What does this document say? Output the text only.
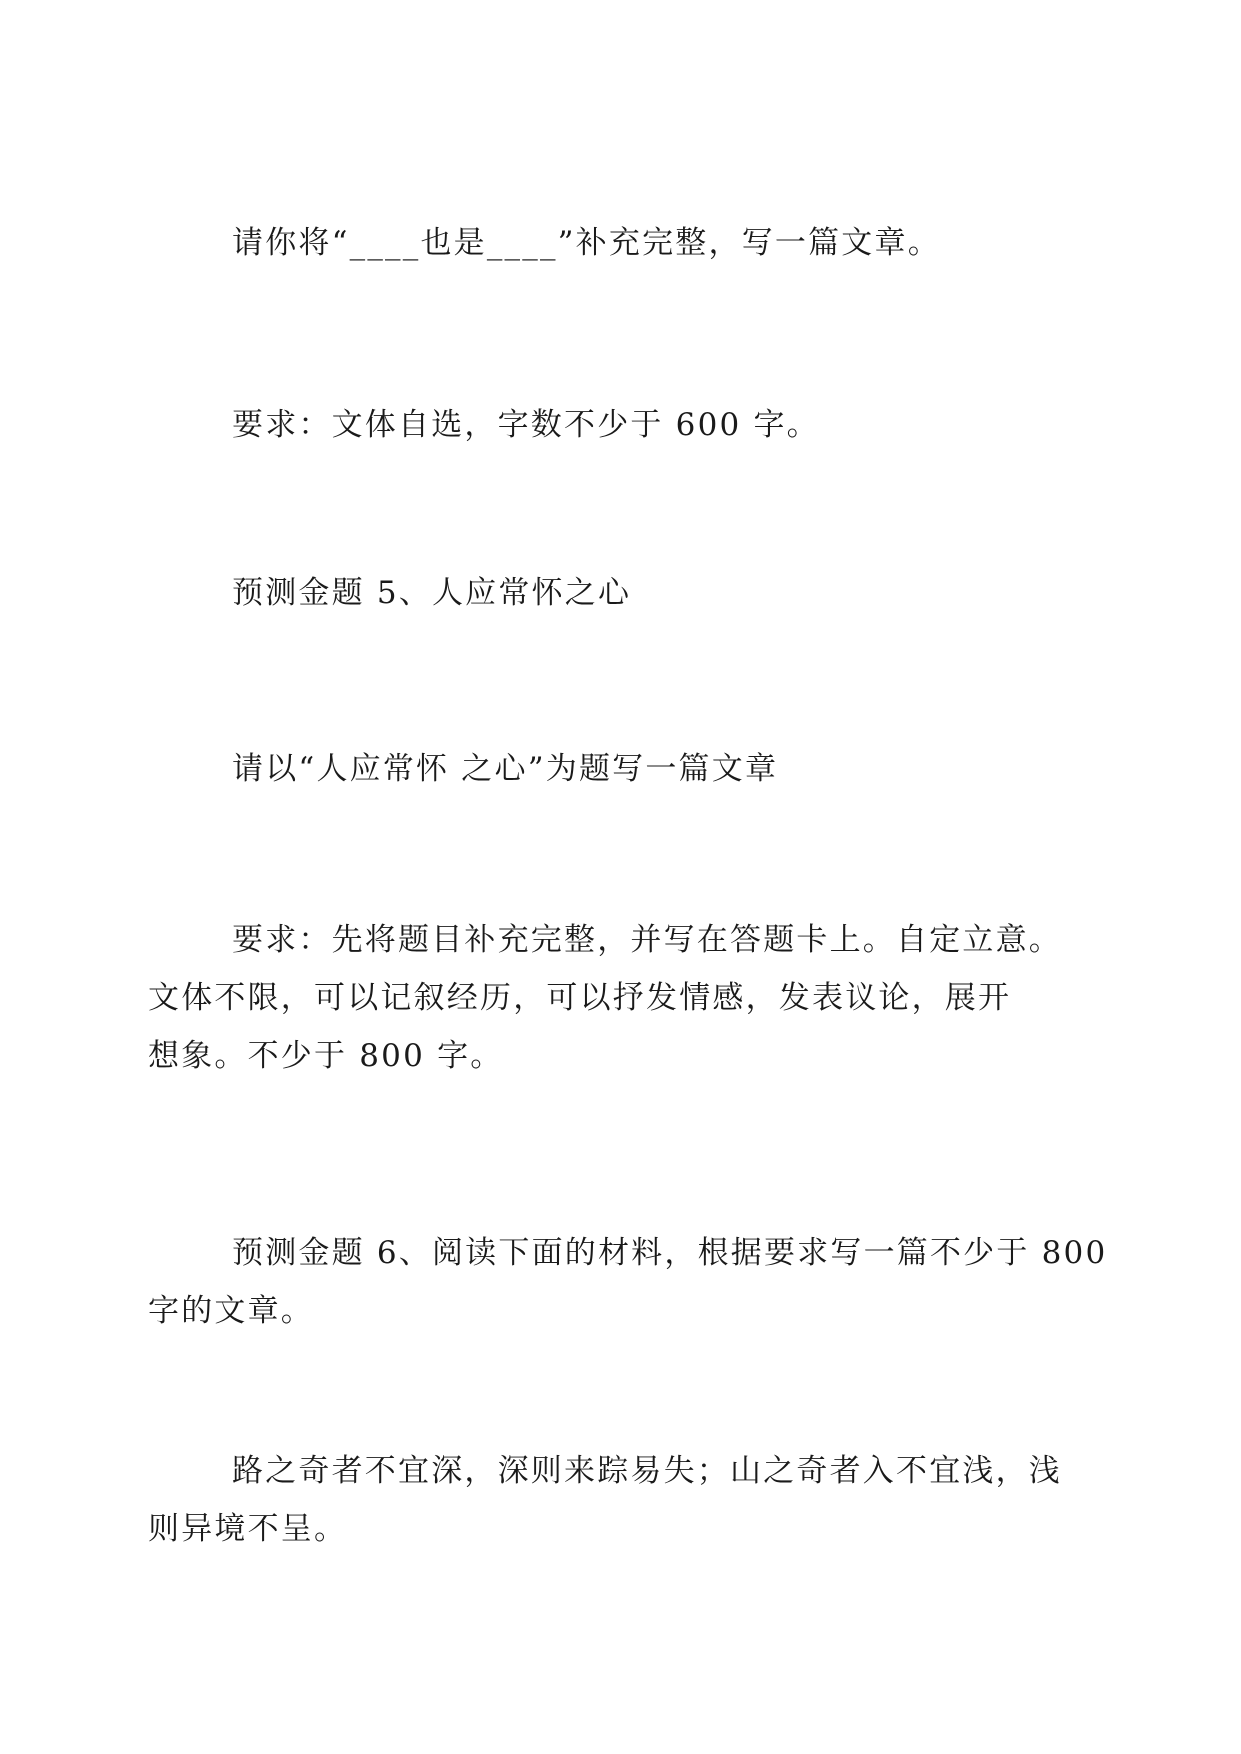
请你将“____也是____”补充完整，写一篇文章。

要求：文体自选，字数不少于 600 字。

预测金题 5、人应常怀之心

请以“人应常怀 之心”为题写一篇文章

要求：先将题目补充完整，并写在答题卡上。自定立意。
文体不限，可以记叙经历，可以抒发情感，发表议论，展开
想象。不少于 800 字。

预测金题 6、阅读下面的材料，根据要求写一篇不少于 800
字的文章。

路之奇者不宜深，深则来踪易失；山之奇者入不宜浅，浅
则异境不呈。
